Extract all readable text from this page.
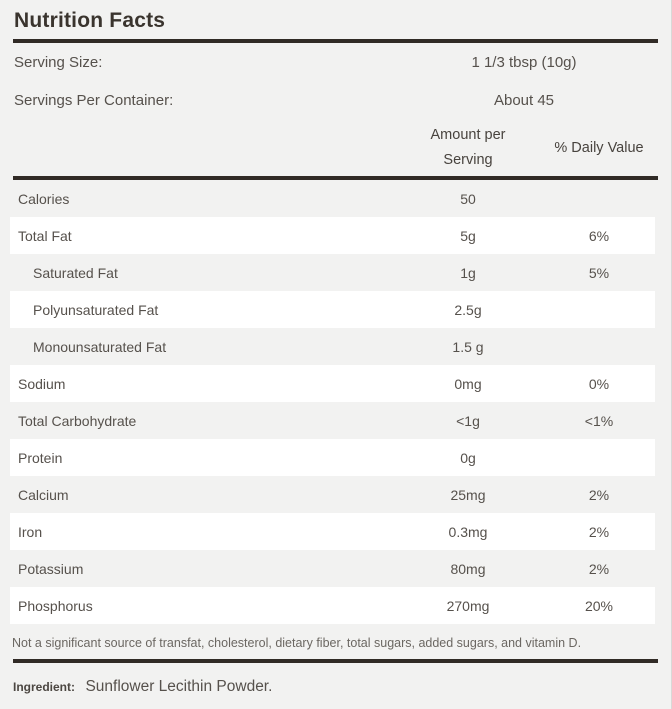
Nutrition Facts
Serving Size:	1 1/3 tbsp (10g)
Servings Per Container:	About 45
Amount per
Serving
% Daily Value
Calories	50
Total Fat	5g	6%
Saturated Fat	1g	5%
Polyunsaturated Fat	2.5g
Monounsaturated Fat	1.5 g
Sodium	0mg	0%
Total Carbohydrate	<1g	<1%
Protein	0g
Calcium	25mg	2%
Iron	0.3mg	2%
Potassium	80mg	2%
Phosphorus	270mg	20%
Not a significant source of transfat, cholesterol, dietary fiber, total sugars, added sugars, and vitamin D.
Ingredient: Sunflower Lecithin Powder.
